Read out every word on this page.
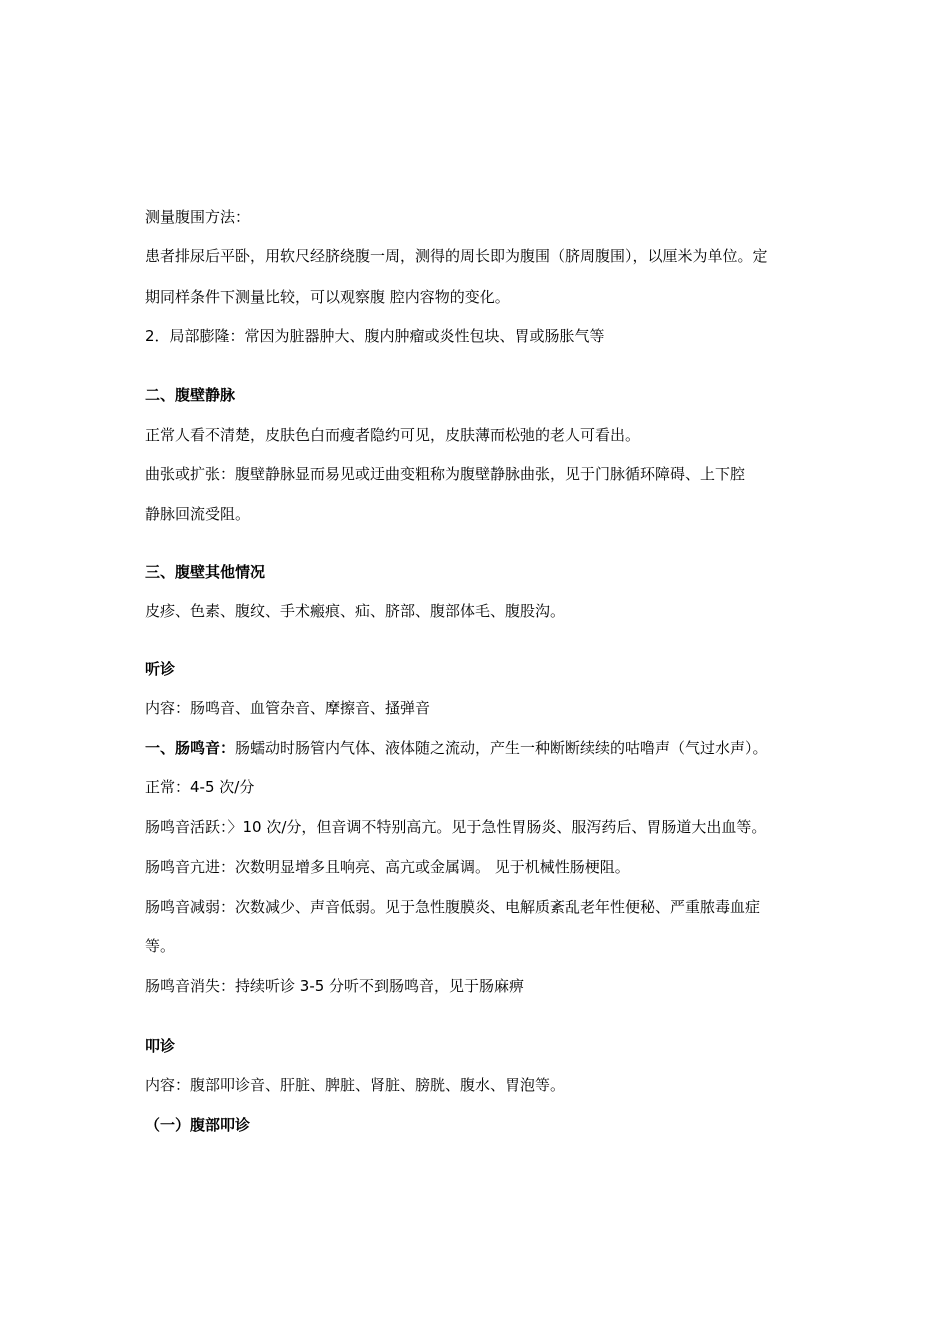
测量腹围方法：
患者排尿后平卧，用软尺经脐绕腹一周，测得的周长即为腹围（脐周腹围），以厘米为单位。定
期同样条件下测量比较，可以观察腹 腔内容物的变化。
2．局部膨隆：常因为脏器肿大、腹内肿瘤或炎性包块、胃或肠胀气等
二、腹壁静脉
正常人看不清楚，皮肤色白而瘦者隐约可见，皮肤薄而松弛的老人可看出。
曲张或扩张：腹壁静脉显而易见或迂曲变粗称为腹壁静脉曲张，见于门脉循环障碍、上下腔
静脉回流受阻。
三、腹壁其他情况
皮疹、色素、腹纹、手术瘢痕、疝、脐部、腹部体毛、腹股沟。
听诊
内容：肠鸣音、血管杂音、摩擦音、搔弹音
一、肠鸣音：肠蠕动时肠管内气体、液体随之流动，产生一种断断续续的咕噜声（气过水声）。
正常：4-5 次/分
肠鸣音活跃：〉10 次/分，但音调不特别高亢。见于急性胃肠炎、服泻药后、胃肠道大出血等。
肠鸣音亢进：次数明显增多且响亮、高亢或金属调。 见于机械性肠梗阻。
肠鸣音减弱：次数减少、声音低弱。见于急性腹膜炎、电解质紊乱老年性便秘、严重脓毒血症
等。
肠鸣音消失：持续听诊 3-5 分听不到肠鸣音，见于肠麻痹
叩诊
内容：腹部叩诊音、肝脏、脾脏、肾脏、膀胱、腹水、胃泡等。
（一）腹部叩诊
